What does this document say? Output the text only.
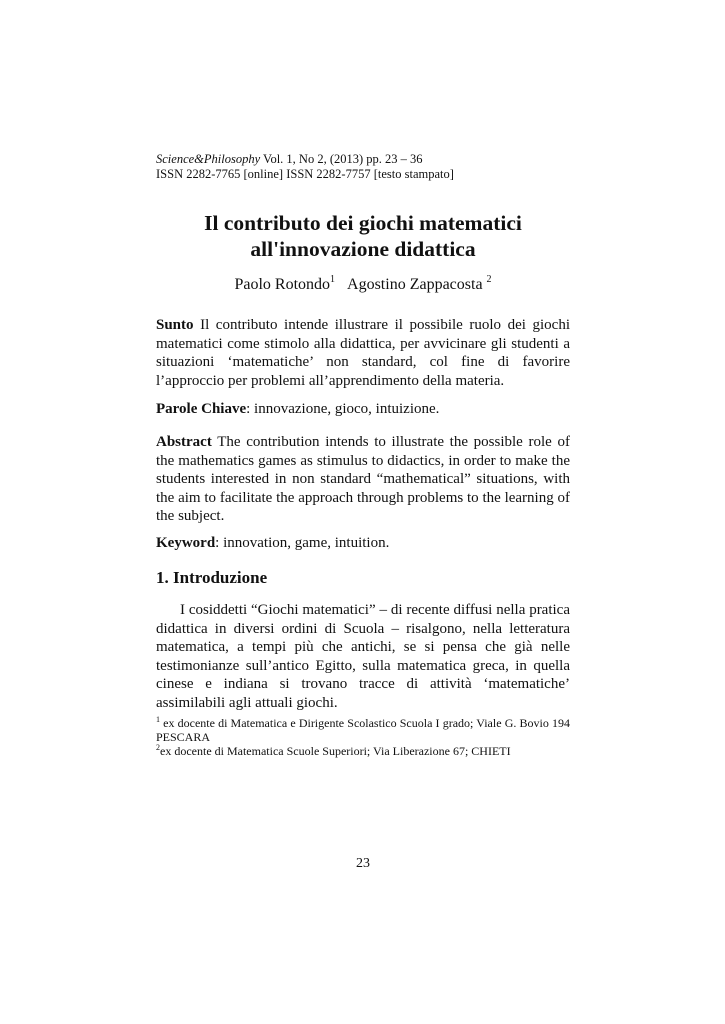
Science&Philosophy Vol. 1, No 2, (2013) pp. 23 – 36
ISSN 2282-7765 [online] ISSN 2282-7757 [testo stampato]
Il contributo dei giochi matematici
all'innovazione didattica
Paolo Rotondo$^1$ Agostino Zappacosta $^2$

Sunto Il contributo intende illustrare il possibile ruolo dei giochi matematici come stimolo alla didattica, per avvicinare gli studenti a situazioni ‘matematiche’ non standard, col fine di favorire l’approccio per problemi all’apprendimento della materia.

Parole Chiave: innovazione, gioco, intuizione.

Abstract The contribution intends to illustrate the possible role of the mathematics games as stimulus to didactics, in order to make the students interested in non standard “mathematical” situations, with the aim to facilitate the approach through problems to the learning of the subject.

Keyword: innovation, game, intuition.

1. Introduzione

I cosiddetti “Giochi matematici” – di recente diffusi nella pratica didattica in diversi ordini di Scuola – risalgono, nella letteratura matematica, a tempi più che antichi, se si pensa che già nelle testimonianze sull’antico Egitto, sulla matematica greca, in quella cinese e indiana si trovano tracce di attività ‘matematiche’ assimilabili agli attuali giochi.

$^1$ ex docente di Matematica e Dirigente Scolastico Scuola I grado; Viale G. Bovio 194 PESCARA
$^2$ex docente di Matematica Scuole Superiori; Via Liberazione 67; CHIETI
23
